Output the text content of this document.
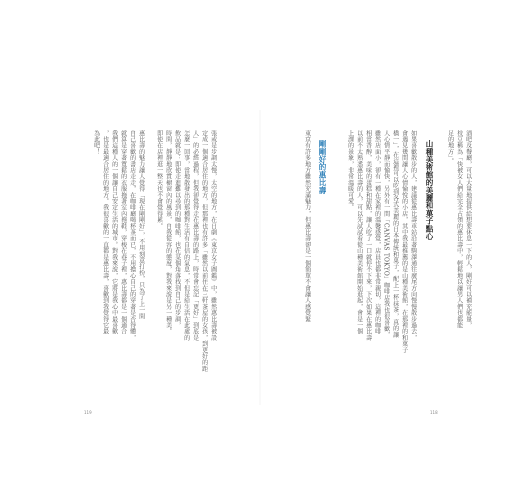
張或是步調太慢，太空的地方，在日劇《東京女子圖鑑》中，雖然惠比壽被設
定成一個適合居住的地方，但那裡也有許多「雖然以前住在三軒茶屋的女孩，到更好的距
人」的必經過程，但我卻覺得走在惠比壽的路上，時常會忘記「更好」到底是
怎麼一回事，當地散發出的那種對生活有自信的氣息，不但是給生活在此處的
飲品就是：即使走進難以尋到的咖啡館，也在某個角落找到自己的步調，
時間，靜靜地欣賞櫥窗內的風景，自我從容的態度，對我來說是另一種美。
即使在店裡逛一整天也不會覺得累。
惠比壽的魅力讓人覺得「現在剛剛好」，不用刻意打扮，只為了上一間
自己喜歡的書店走走，在咖啡廳喝杯茶而已，不用擔心自己的穿著是否得體，
就算是穿著寬鬆的衣服拖著室內拖鞋，穿梭在巷子裡，惠比壽都是一個適合
我們這種人的一個讓自己安定生活的城市。對我來說，它將是我心中最喜歡
，也是最適合居住的地方。我很喜歡的一直都是惠比壽，喜歡到我覺得它最
為此吧！
119
酒吧及餐廳，可以大量地提供給想要休息一下的人，剛好可以補充能量，
枝豆稱為「快被女人們給完全占領的惠比壽中，輕鬆地以讓男人們也都能
足的地方」。
山種美術館的美麗和菓子點心
如果喜歡散步的人，建議從惠比壽車站沿著駒澤通往廣尾方向慢慢散步過去，
會遇見幾間讓人心情愉悅的小店，其中我最推薦的是山種美術館，在那裡的和菓子
橋一」，在這裡可以吃到各式美麗的日本傳統和菓子，配上一杯抹茶，真的讓
人心情平靜而愉快，另外有一間「CANVAS TOKYO」咖啡店我也很喜歡，
雖然店面小，卻有一種在家裡的溫馨感覺，店員也都非常親切，這裡的咖啡
相當香醇，美味的蛋糕和甜點，讓人吃了一口就停不下來，下次如果在惠比壽
以前不太熟悉惠比壽的人，可以先試試看從山種美術館開始逛起，會是一個
上課的景象，非常溫暖可愛。
剛剛好的惠比壽
東京有許多地方雖然充滿魅力，但惠比壽卻是一個簡單不會讓人感覺緊
118
